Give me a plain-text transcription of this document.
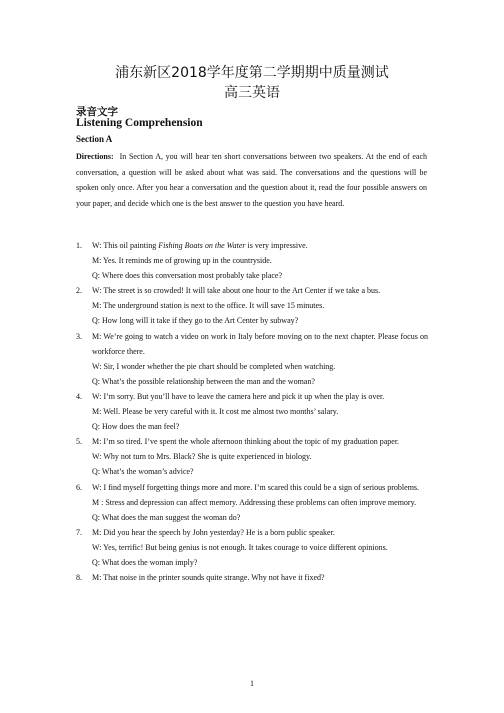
浦东新区2018学年度第二学期期中质量测试
高三英语
录音文字
Listening Comprehension
Section A

Directions: In Section A, you will hear ten short conversations between two speakers. At the end of each conversation, a question will be asked about what was said. The conversations and the questions will be spoken only once. After you hear a conversation and the question about it, read the four possible answers on your paper, and decide which one is the best answer to the question you have heard.

1. W: This oil painting Fishing Boats on the Water is very impressive.
M: Yes. It reminds me of growing up in the countryside.
Q: Where does this conversation most probably take place?
2. W: The street is so crowded! It will take about one hour to the Art Center if we take a bus.
M: The underground station is next to the office. It will save 15 minutes.
Q: How long will it take if they go to the Art Center by subway?
3. M: We’re going to watch a video on work in Italy before moving on to the next chapter. Please focus on workforce there.
W: Sir, I wonder whether the pie chart should be completed when watching.
Q: What’s the possible relationship between the man and the woman?
4. W: I’m sorry. But you’ll have to leave the camera here and pick it up when the play is over.
M: Well. Please be very careful with it. It cost me almost two months’ salary.
Q: How does the man feel?
5. M: I’m so tired. I’ve spent the whole afternoon thinking about the topic of my graduation paper.
W: Why not turn to Mrs. Black? She is quite experienced in biology.
Q: What’s the woman’s advice?
6. W: I find myself forgetting things more and more. I’m scared this could be a sign of serious problems.
M : Stress and depression can affect memory. Addressing these problems can often improve memory.
Q: What does the man suggest the woman do?
7. M: Did you hear the speech by John yesterday? He is a born public speaker.
W: Yes, terrific! But being genius is not enough. It takes courage to voice different opinions.
Q: What does the woman imply?
8. M: That noise in the printer sounds quite strange. Why not have it fixed?
1
